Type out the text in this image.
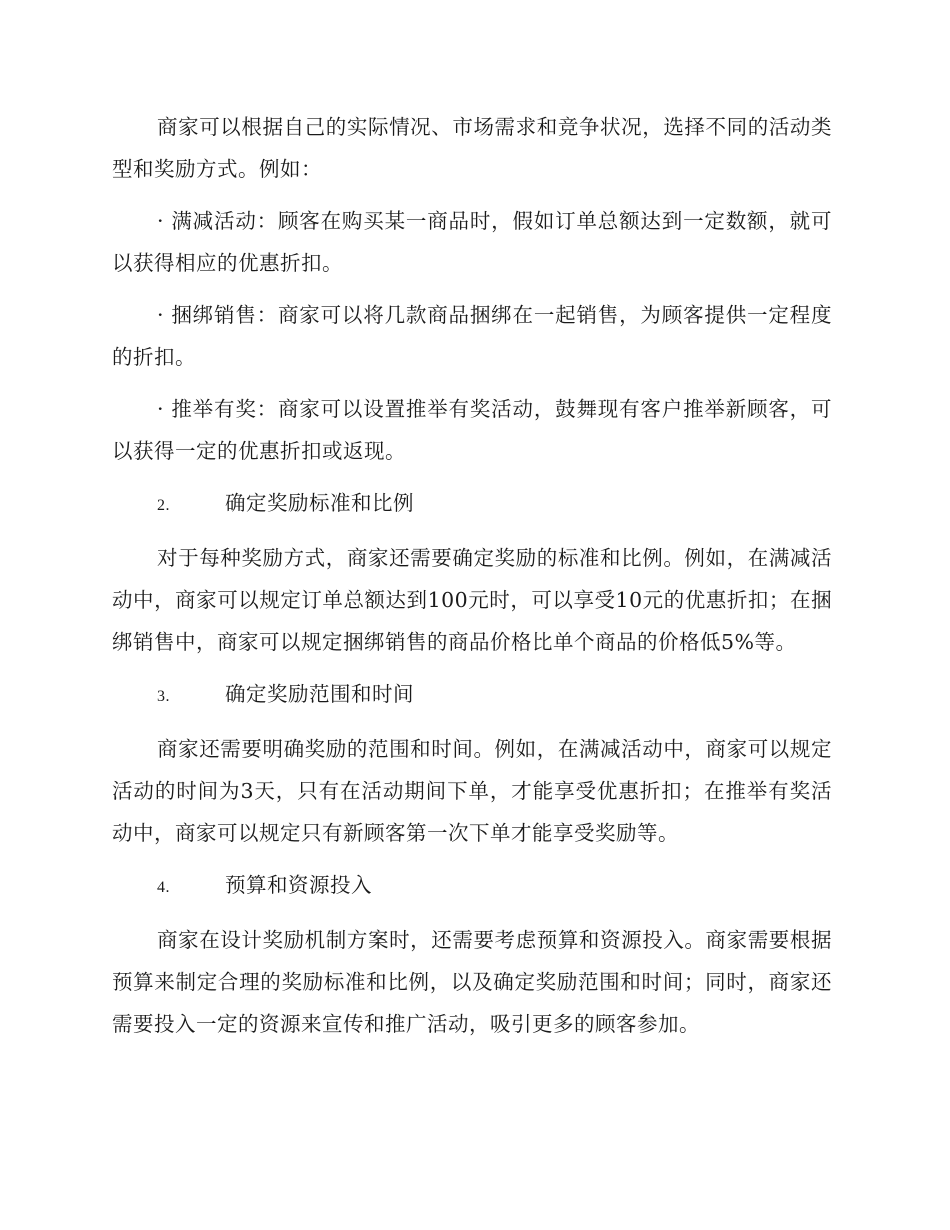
商家可以根据自己的实际情况、市场需求和竞争状况，选择不同的活动类型和奖励方式。例如：

· 满减活动：顾客在购买某一商品时，假如订单总额达到一定数额，就可以获得相应的优惠折扣。

· 捆绑销售：商家可以将几款商品捆绑在一起销售，为顾客提供一定程度的折扣。

· 推举有奖：商家可以设置推举有奖活动，鼓舞现有客户推举新顾客，可以获得一定的优惠折扣或返现。

2.	确定奖励标准和比例

对于每种奖励方式，商家还需要确定奖励的标准和比例。例如，在满减活动中，商家可以规定订单总额达到100元时，可以享受10元的优惠折扣；在捆绑销售中，商家可以规定捆绑销售的商品价格比单个商品的价格低5%等。

3.	确定奖励范围和时间

商家还需要明确奖励的范围和时间。例如，在满减活动中，商家可以规定活动的时间为3天，只有在活动期间下单，才能享受优惠折扣；在推举有奖活动中，商家可以规定只有新顾客第一次下单才能享受奖励等。

4.	预算和资源投入

商家在设计奖励机制方案时，还需要考虑预算和资源投入。商家需要根据预算来制定合理的奖励标准和比例，以及确定奖励范围和时间；同时，商家还需要投入一定的资源来宣传和推广活动，吸引更多的顾客参加。
